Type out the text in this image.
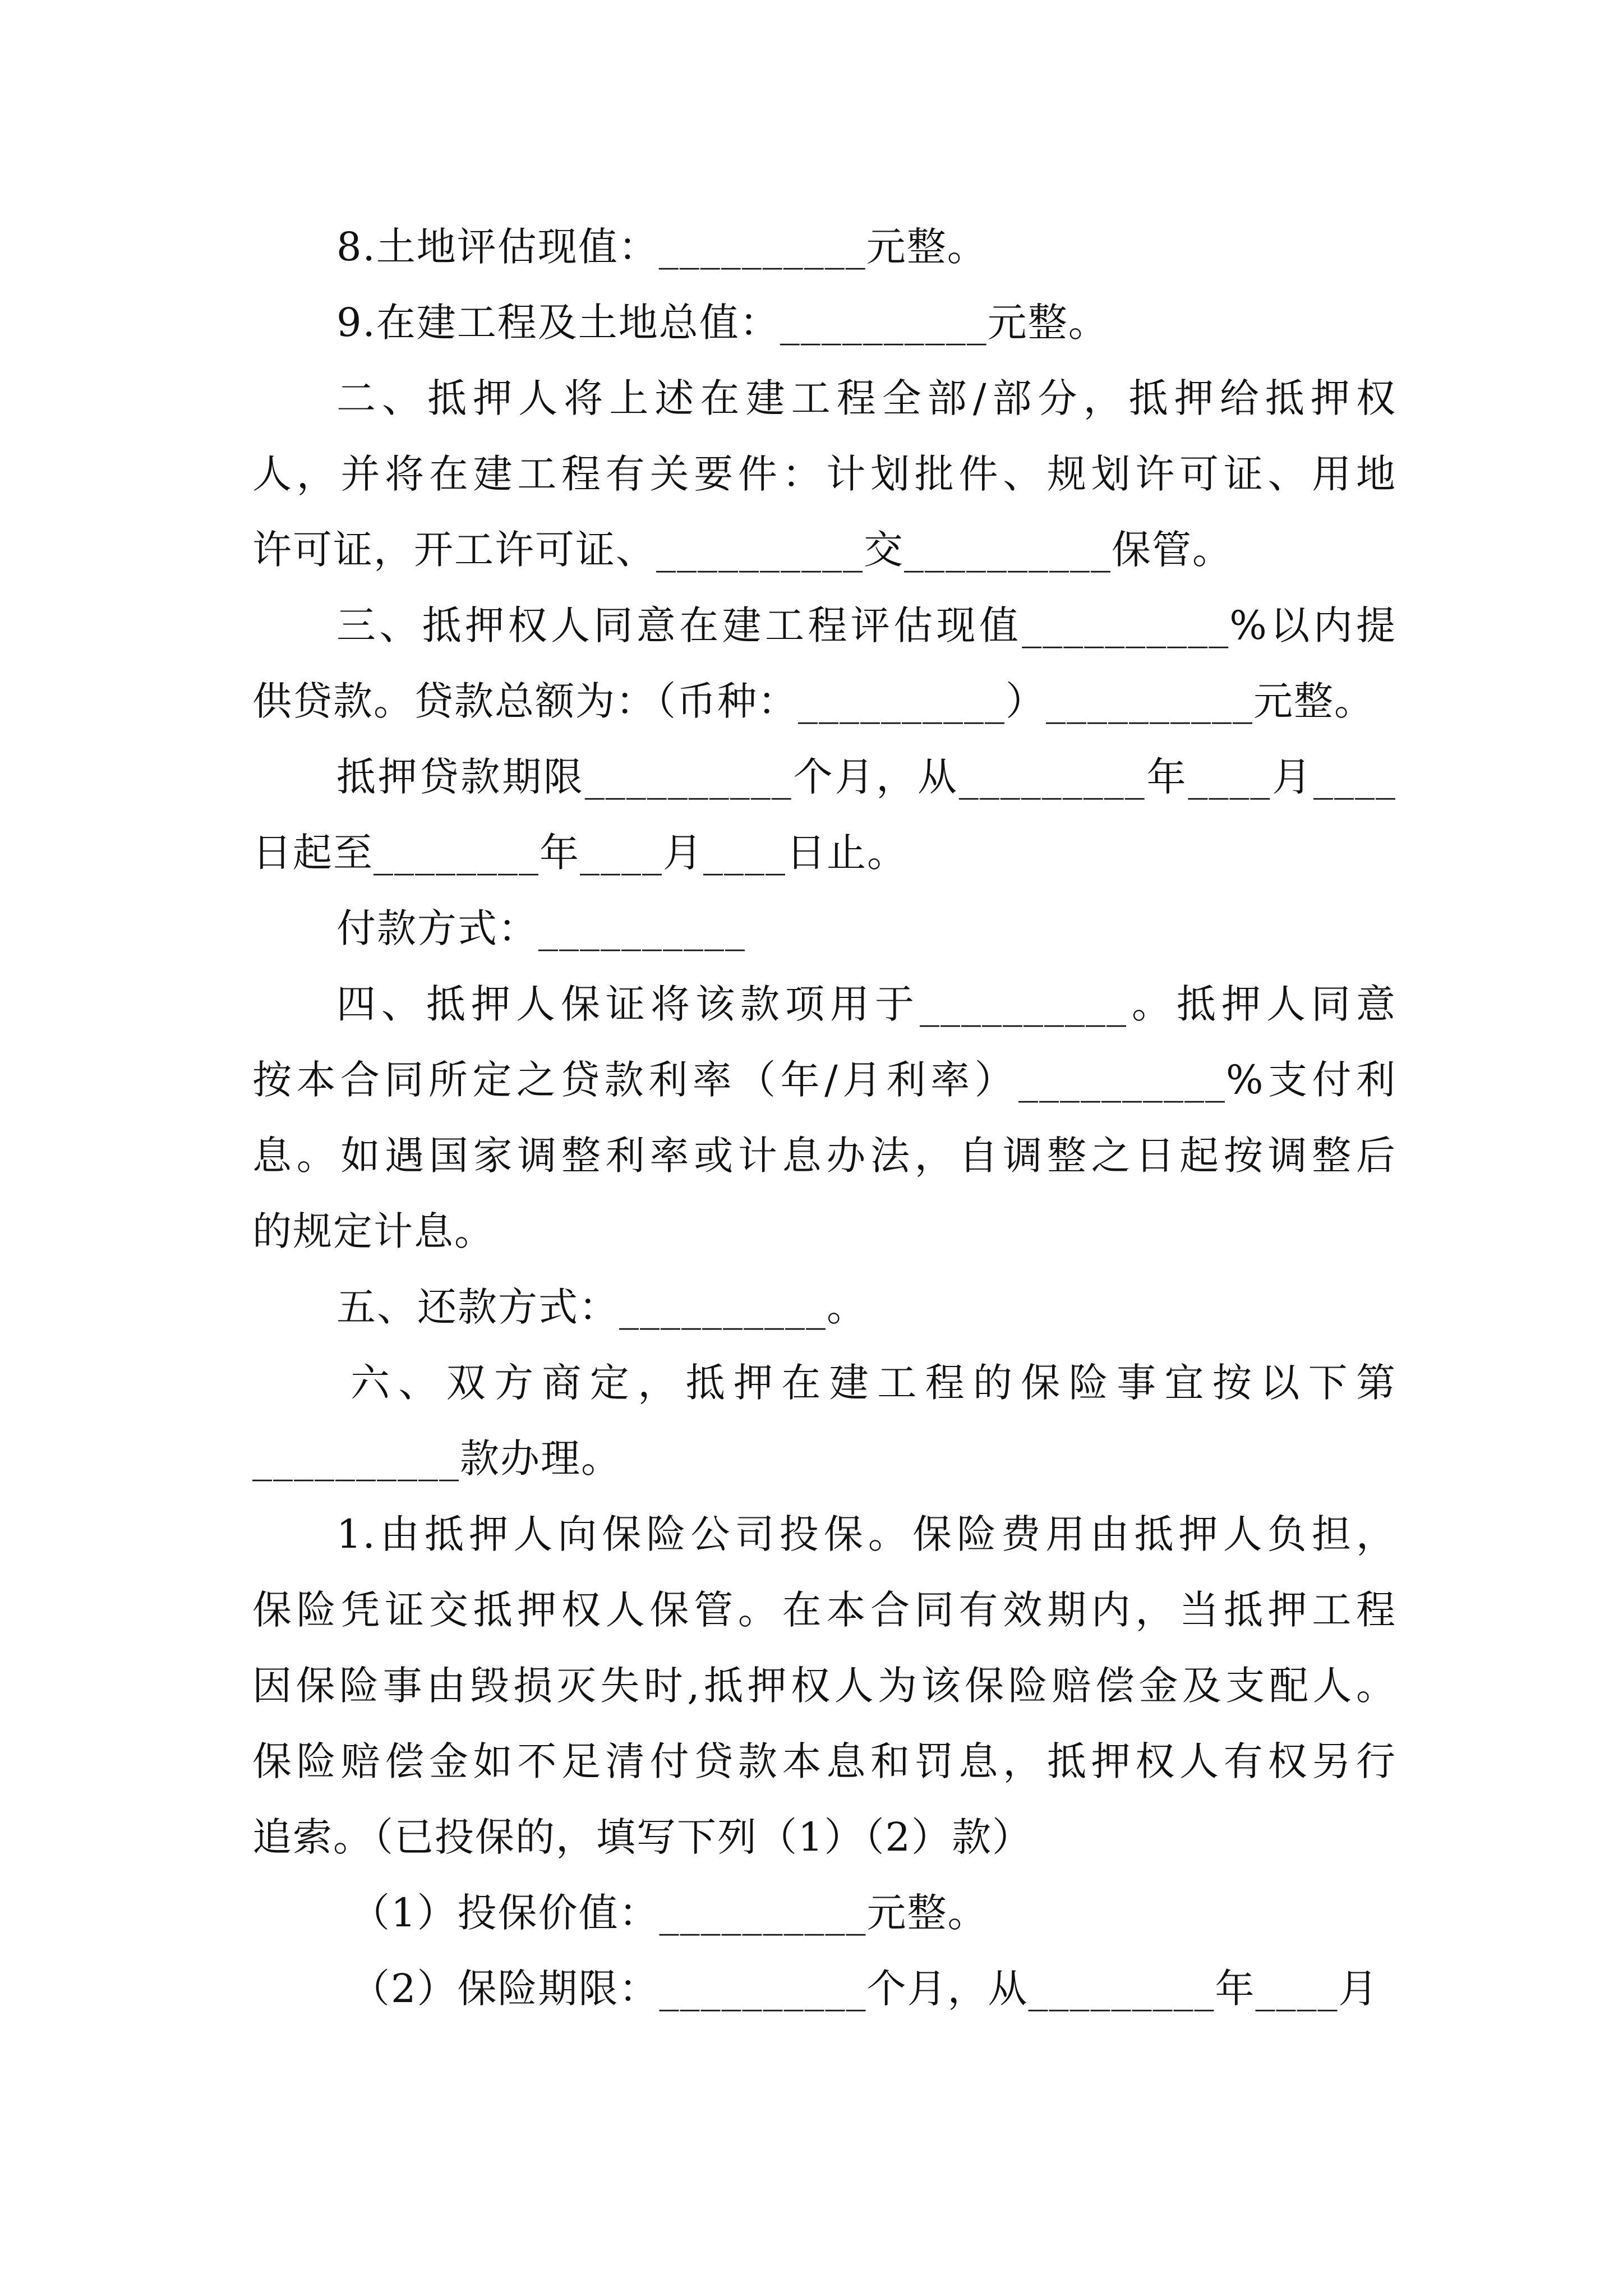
8.土地评估现值：__________元整。
9.在建工程及土地总值：__________元整。
二、抵押人将上述在建工程全部/部分，抵押给抵押权
人，并将在建工程有关要件：计划批件、规划许可证、用地
许可证，开工许可证、__________交__________保管。
三、抵押权人同意在建工程评估现值__________%以内提
供贷款。贷款总额为：（币种：__________）__________元整。
抵押贷款期限__________个月，从_________年____月____
日起至________年____月____日止。
付款方式：__________
四、抵押人保证将该款项用于__________。抵押人同意
按本合同所定之贷款利率（年/月利率）__________%支付利
息。如遇国家调整利率或计息办法，自调整之日起按调整后
的规定计息。
五、还款方式：__________。
六、双方商定，抵押在建工程的保险事宜按以下第
__________款办理。
1.由抵押人向保险公司投保。保险费用由抵押人负担，
保险凭证交抵押权人保管。在本合同有效期内，当抵押工程
因保险事由毁损灭失时,抵押权人为该保险赔偿金及支配人。
保险赔偿金如不足清付贷款本息和罚息，抵押权人有权另行
追索。（已投保的，填写下列（1）（2）款）
（1）投保价值：__________元整。
（2）保险期限：__________个月，从_________年____月
